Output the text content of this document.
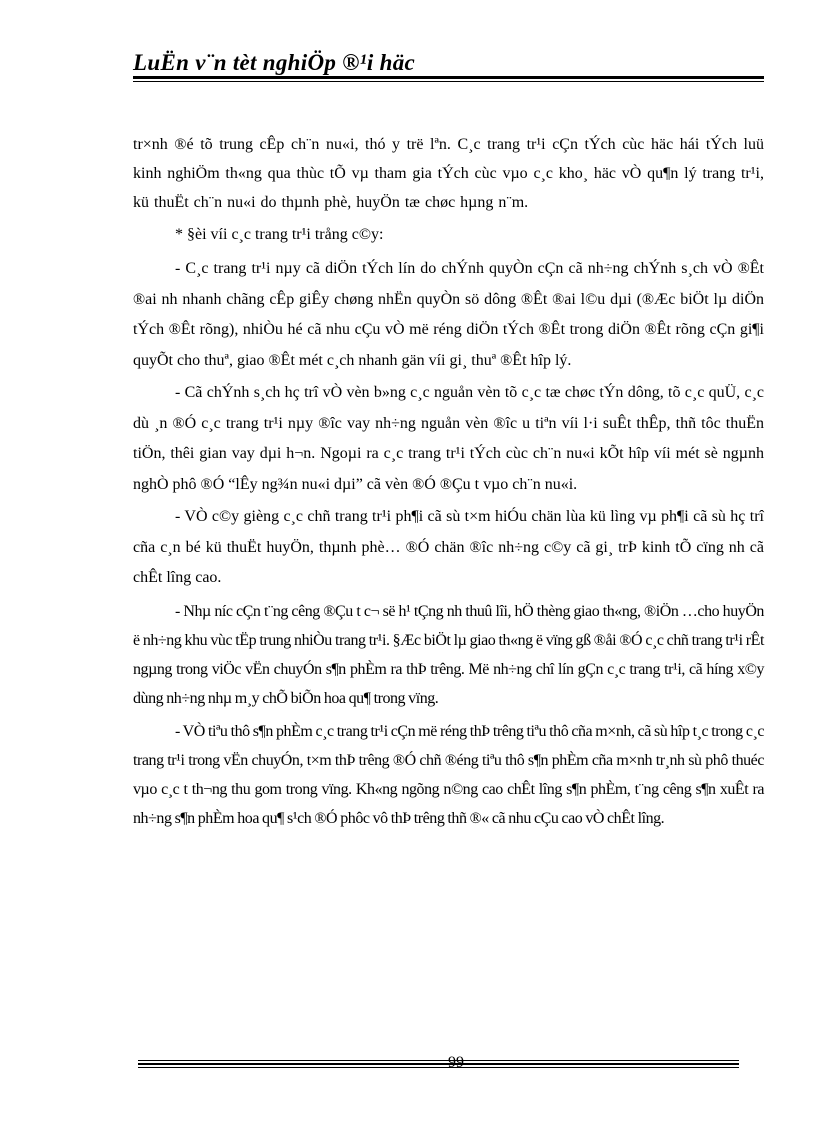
LuËn v¨n tèt nghiÖp ®¹i häc

tr×nh ®é tõ trung cÊp ch¨n nu«i, thó y trë lªn. C¸c trang tr¹i cÇn tÝch cùc häc hái tÝch luü kinh nghiÖm th«ng qua thùc tÕ vµ tham gia tÝch cùc vµo c¸c kho¸ häc vÒ qu¶n lý trang tr¹i, kü thuËt ch¨n nu«i do thµnh phè, huyÖn tæ chøc hµng n¨m.

* §èi víi c¸c trang tr¹i trång c©y:

- C¸c trang tr¹i nµy cã diÖn tÝch lín do chÝnh quyÒn cÇn cã nh÷ng chÝnh s¸ch vÒ ®Êt ®ai nh nhanh chãng cÊp giÊy chøng nhËn quyÒn sö dông ®Êt ®ai l©u dµi (®Æc biÖt lµ diÖn tÝch ®Êt rõng), nhiÒu hé cã nhu cÇu vÒ më réng diÖn tÝch ®Êt trong diÖn ®Êt rõng cÇn gi¶i quyÕt cho thuª, giao ®Êt mét c¸ch nhanh gän víi gi¸ thuª ®Êt hîp lý.

- Cã chÝnh s¸ch hç trî vÒ vèn b»ng c¸c nguån vèn tõ c¸c tæ chøc tÝn dông, tõ c¸c quÜ, c¸c dù ¸n ®Ó c¸c trang tr¹i nµy ®îc vay nh÷ng nguån vèn ®îc u tiªn víi l·i suÊt thÊp, thñ tôc thuËn tiÖn, thêi gian vay dµi h¬n. Ngoµi ra c¸c trang tr¹i tÝch cùc ch¨n nu«i kÕt hîp víi mét sè ngµnh nghÒ phô ®Ó “lÊy ng¾n nu«i dµi” cã vèn ®Ó ®Çu t vµo ch¨n nu«i.

- VÒ c©y gièng c¸c chñ trang tr¹i ph¶i cã sù t×m hiÓu chän lùa kü lìng vµ ph¶i cã sù hç trî cña c¸n bé kü thuËt huyÖn, thµnh phè… ®Ó chän ®îc nh÷ng c©y cã gi¸ trÞ kinh tÕ cïng nh cã chÊt lîng cao.

- Nhµ níc cÇn t¨ng cêng ®Çu t c¬ së h¹ tÇng nh thuû lîi, hÖ thèng giao th«ng, ®iÖn …cho huyÖn ë nh÷ng khu vùc tËp trung nhiÒu trang tr¹i. §Æc biÖt lµ giao th«ng ë vïng gß ®åi ®Ó c¸c chñ trang tr¹i rÊt ngµng trong viÖc vËn chuyÓn s¶n phÈm ra thÞ trêng. Më nh÷ng chî lín gÇn c¸c trang tr¹i, cã híng x©y dùng nh÷ng nhµ m¸y chÕ biÕn hoa qu¶ trong vïng.

- VÒ tiªu thô s¶n phÈm c¸c trang tr¹i cÇn më réng thÞ trêng tiªu thô cña m×nh, cã sù hîp t¸c trong c¸c trang tr¹i trong vËn chuyÓn, t×m thÞ trêng ®Ó chñ ®éng tiªu thô s¶n phÈm cña m×nh tr¸nh sù phô thuéc vµo c¸c t th¬ng thu gom trong vïng. Kh«ng ngõng n©ng cao chÊt lîng s¶n phÈm, t¨ng cêng s¶n xuÊt ra nh÷ng s¶n phÈm hoa qu¶ s¹ch ®Ó phôc vô thÞ trêng thñ ®« cã nhu cÇu cao vÒ chÊt lîng.

99
